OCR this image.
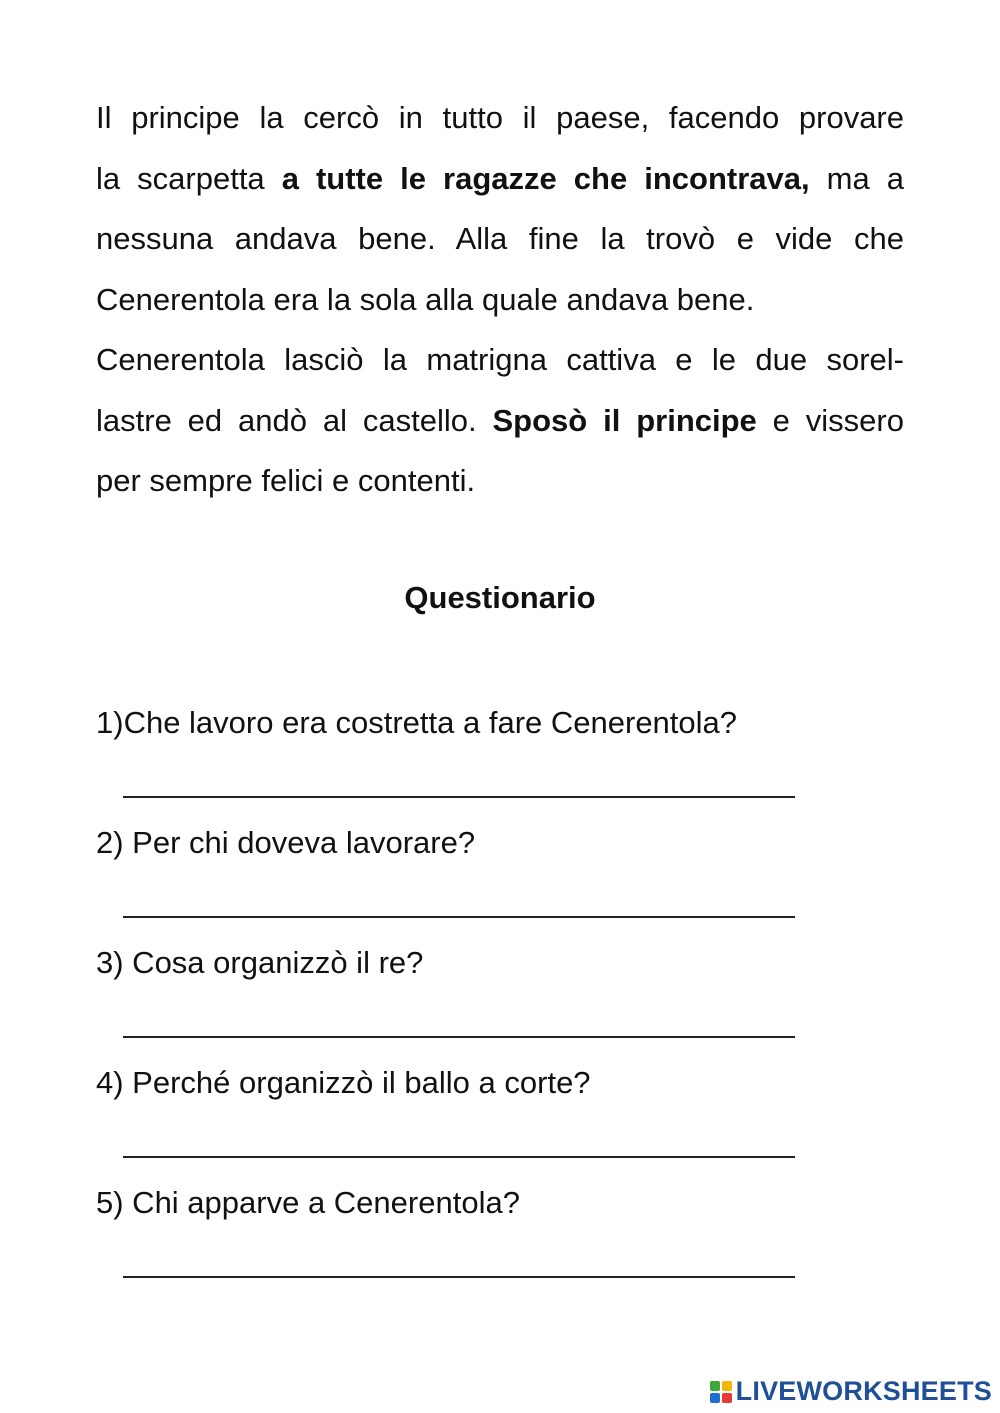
Il principe la cercò in tutto il paese, facendo provare
la scarpetta a tutte le ragazze che incontrava, ma a
nessuna andava bene. Alla fine la trovò e vide che
Cenerentola era la sola alla quale andava bene.
Cenerentola lasciò la matrigna cattiva e le due sorel-
lastre ed andò al castello. Sposò il principe e vissero
per sempre felici e contenti.
Questionario
1)Che lavoro era costretta a fare Cenerentola?
2) Per chi doveva lavorare?
3) Cosa organizzò il re?
4) Perché organizzò il ballo a corte?
5) Chi apparve a Cenerentola?
LIVEWORKSHEETS
